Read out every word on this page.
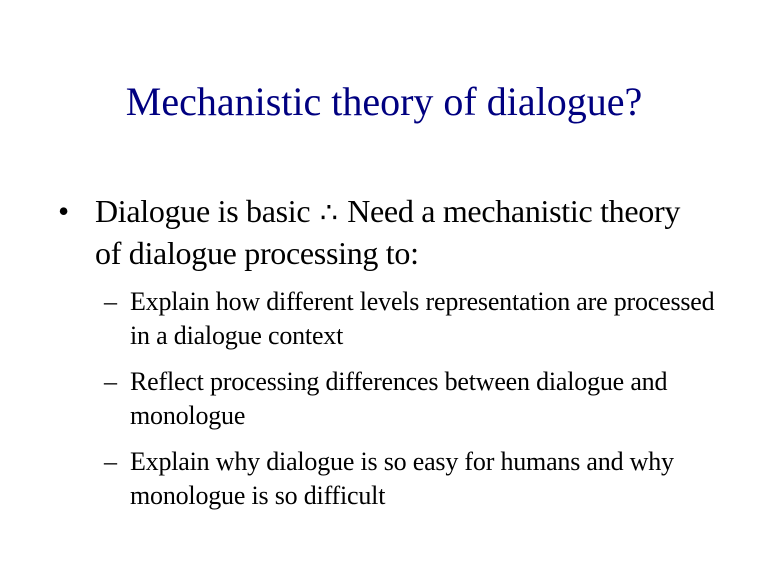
Mechanistic theory of dialogue?
• Dialogue is basic ∴ Need a mechanistic theory of dialogue processing to:
– Explain how different levels representation are processed in a dialogue context
– Reflect processing differences between dialogue and monologue
– Explain why dialogue is so easy for humans and why monologue is so difficult
